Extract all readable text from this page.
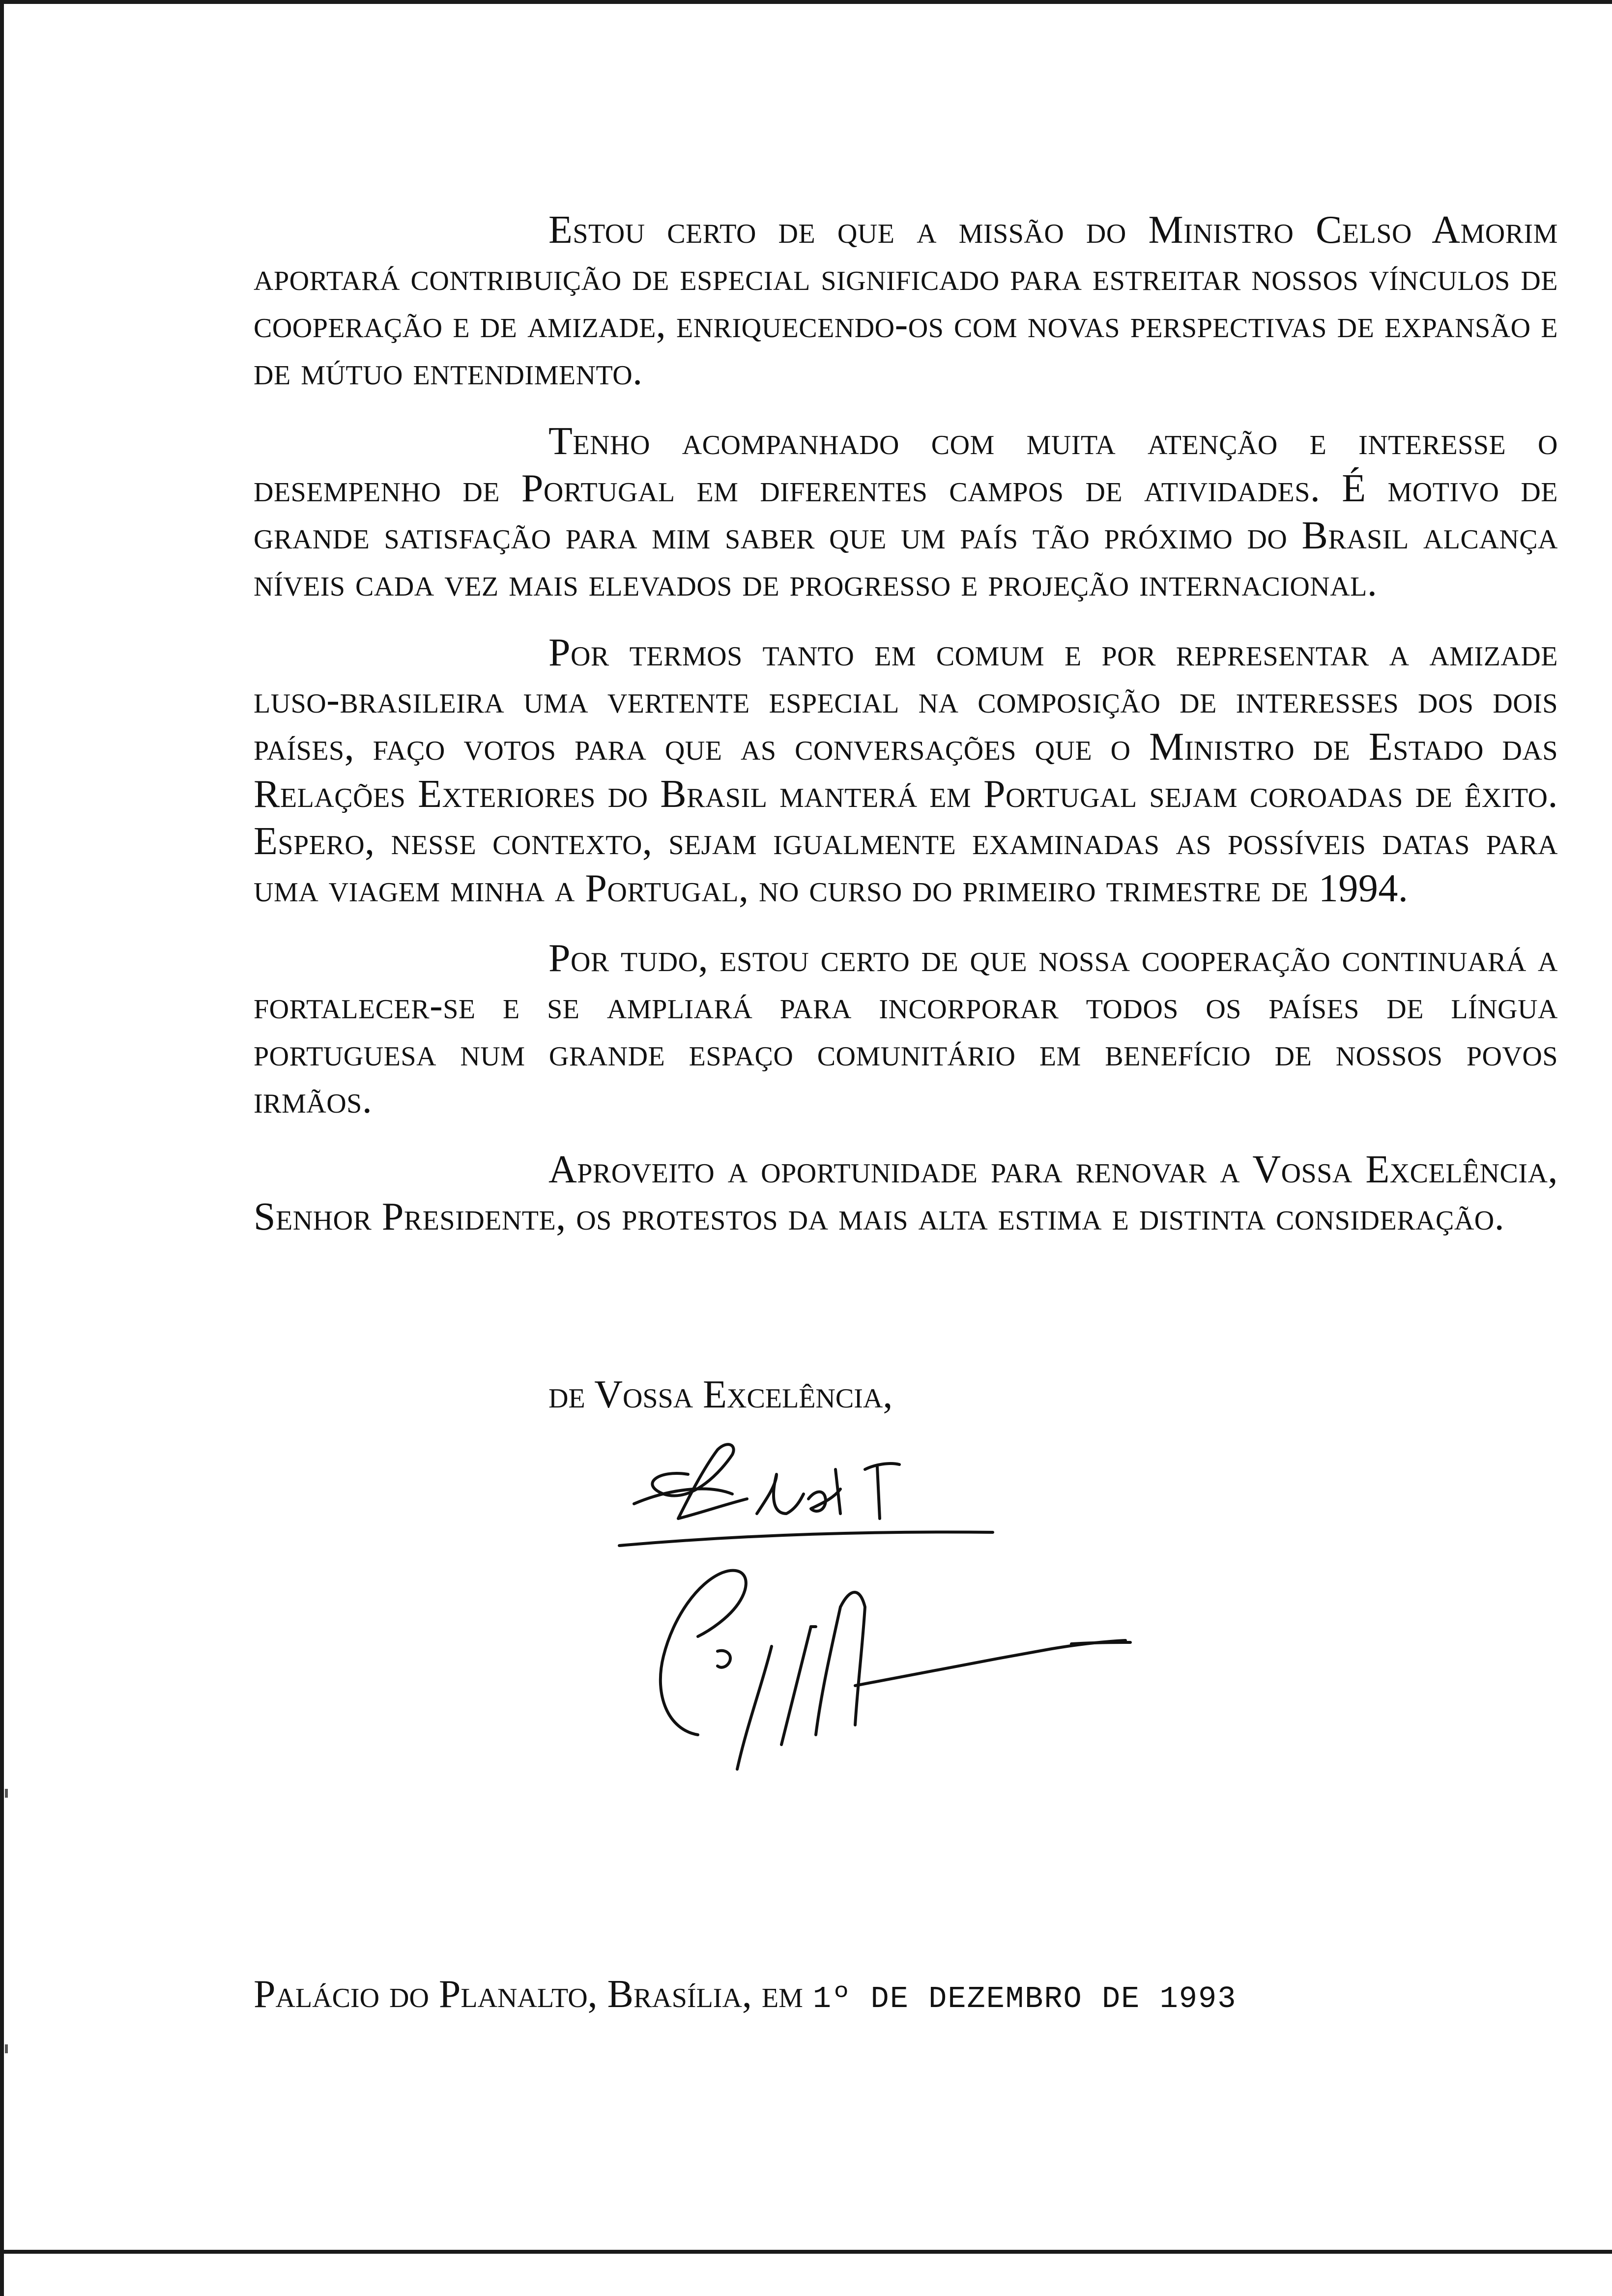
Estou certo de que a missão do Ministro Celso Amorim aportará contribuição de especial significado para estreitar nossos vínculos de cooperação e de amizade, enriquecendo-os com novas perspectivas de expansão e de mútuo entendimento.

Tenho acompanhado com muita atenção e interesse o desempenho de Portugal em diferentes campos de atividades. É motivo de grande satisfação para mim saber que um país tão próximo do Brasil alcança níveis cada vez mais elevados de progresso e projeção internacional.

Por termos tanto em comum e por representar a amizade luso-brasileira uma vertente especial na composição de interesses dos dois países, faço votos para que as conversações que o Ministro de Estado das Relações Exteriores do Brasil manterá em Portugal sejam coroadas de êxito. Espero, nesse contexto, sejam igualmente examinadas as possíveis datas para uma viagem minha a Portugal, no curso do primeiro trimestre de 1994.

Por tudo, estou certo de que nossa cooperação continuará a fortalecer-se e se ampliará para incorporar todos os países de língua portuguesa num grande espaço comunitário em benefício de nossos povos irmãos.

Aproveito a oportunidade para renovar a Vossa Excelência, Senhor Presidente, os protestos da mais alta estima e distinta consideração.

de Vossa Excelência,

Palácio do Planalto, Brasília, em 1º DE DEZEMBRO DE 1993
